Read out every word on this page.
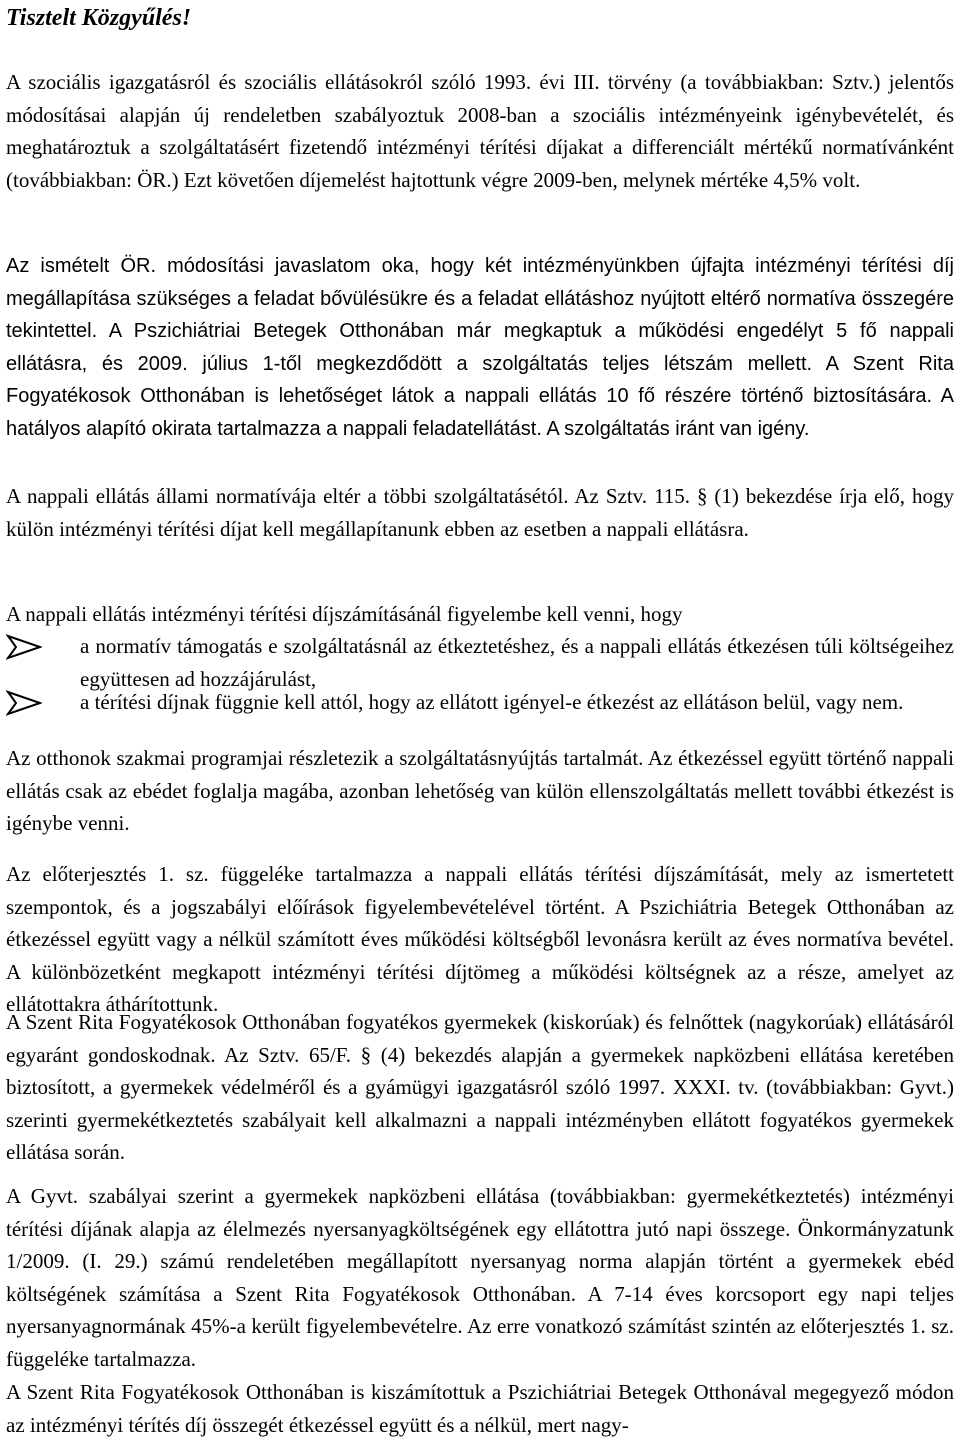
Tisztelt Közgyűlés!

A szociális igazgatásról és szociális ellátásokról szóló 1993. évi III. törvény (a továbbiakban: Sztv.) jelentős módosításai alapján új rendeletben szabályoztuk 2008-ban a szociális intézményeink igénybevételét, és meghatároztuk a szolgáltatásért fizetendő intézményi térítési díjakat a differenciált mértékű normatívánként (továbbiakban: ÖR.) Ezt követően díjemelést hajtottunk végre 2009-ben, melynek mértéke 4,5% volt.

Az ismételt ÖR. módosítási javaslatom oka, hogy két intézményünkben újfajta intézményi térítési díj megállapítása szükséges a feladat bővülésükre és a feladat ellátáshoz nyújtott eltérő normatíva összegére tekintettel. A Pszichiátriai Betegek Otthonában már megkaptuk a működési engedélyt 5 fő nappali ellátásra, és 2009. július 1-től megkezdődött a szolgáltatás teljes létszám mellett. A Szent Rita Fogyatékosok Otthonában is lehetőséget látok a nappali ellátás 10 fő részére történő biztosítására. A hatályos alapító okirata tartalmazza a nappali feladatellátást. A szolgáltatás iránt van igény.

A nappali ellátás állami normatívája eltér a többi szolgáltatásétól. Az Sztv. 115. § (1) bekezdése írja elő, hogy külön intézményi térítési díjat kell megállapítanunk ebben az esetben a nappali ellátásra.

A nappali ellátás intézményi térítési díjszámításánál figyelembe kell venni, hogy

a normatív támogatás e szolgáltatásnál az étkeztetéshez, és a nappali ellátás étkezésen túli költségeihez együttesen ad hozzájárulást,

a térítési díjnak függnie kell attól, hogy az ellátott igényel-e étkezést az ellátáson belül, vagy nem.

Az otthonok szakmai programjai részletezik a szolgáltatásnyújtás tartalmát. Az étkezéssel együtt történő nappali ellátás csak az ebédet foglalja magába, azonban lehetőség van külön ellenszolgáltatás mellett további étkezést is igénybe venni.

Az előterjesztés 1. sz. függeléke tartalmazza a nappali ellátás térítési díjszámítását, mely az ismertetett szempontok, és a jogszabályi előírások figyelembevételével történt. A Pszichiátria Betegek Otthonában az étkezéssel együtt vagy a nélkül számított éves működési költségből levonásra került az éves normatíva bevétel. A különbözetként megkapott intézményi térítési díjtömeg a működési költségnek az a része, amelyet az ellátottakra áthárítottunk.

A Szent Rita Fogyatékosok Otthonában fogyatékos gyermekek (kiskorúak) és felnőttek (nagykorúak) ellátásáról egyaránt gondoskodnak. Az Sztv. 65/F. § (4) bekezdés alapján a gyermekek napközbeni ellátása keretében biztosított, a gyermekek védelméről és a gyámügyi igazgatásról szóló 1997. XXXI. tv. (továbbiakban: Gyvt.) szerinti gyermekétkeztetés szabályait kell alkalmazni a nappali intézményben ellátott fogyatékos gyermekek ellátása során.

A Gyvt. szabályai szerint a gyermekek napközbeni ellátása (továbbiakban: gyermekétkeztetés) intézményi térítési díjának alapja az élelmezés nyersanyagköltségének egy ellátottra jutó napi összege. Önkormányzatunk 1/2009. (I. 29.) számú rendeletében megállapított nyersanyag norma alapján történt a gyermekek ebéd költségének számítása a Szent Rita Fogyatékosok Otthonában. A 7-14 éves korcsoport egy napi teljes nyersanyagnormának 45%-a került figyelembevételre. Az erre vonatkozó számítást szintén az előterjesztés 1. sz. függeléke tartalmazza.

A Szent Rita Fogyatékosok Otthonában is kiszámítottuk a Pszichiátriai Betegek Otthonával megegyező módon az intézményi térítés díj összegét étkezéssel együtt és a nélkül, mert nagy-
